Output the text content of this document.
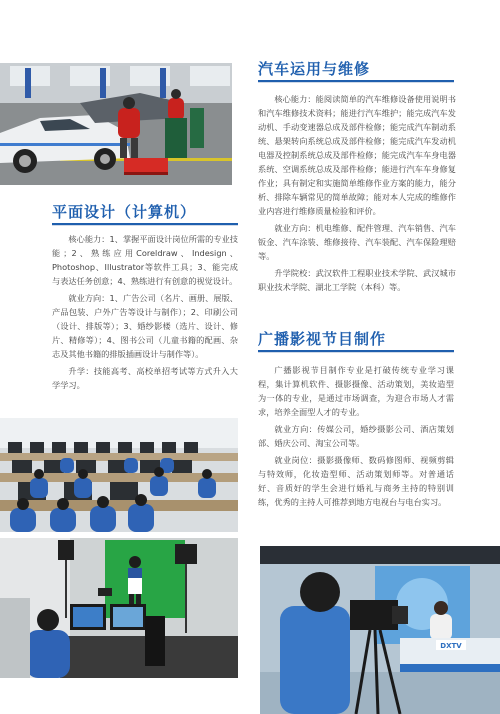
汽车运用与维修

核心能力：能阅读简单的汽车维修设备使用说明书和汽车维修技术资料；能进行汽车维护；能完成汽车发动机、手动变速器总成及部件检修；能完成汽车制动系统、悬架转向系统总成及部件检修；能完成汽车发动机电器及控制系统总成及部件检修；能完成汽车车身电器系统、空调系统总成及部件检修；能进行汽车车身修复作业；具有制定和实施简单维修作业方案的能力，能分析、排除车辆常见的简单故障；能对本人完成的维修作业内容进行维修质量检验和评价。

就业方向：机电维修、配件管理、汽车销售、汽车钣金、汽车涂装、维修接待、汽车装配、汽车保险理赔等。

升学院校：武汉软件工程职业技术学院、武汉城市职业技术学院、湖北工学院（本科）等。

平面设计（计算机）

核心能力：1、掌握平面设计岗位所需的专业技能；2、熟练应用Coreldraw、Indesign、Photoshop、Illustrator等软件工具；3、能完成与表达任务创意；4、熟练进行有创意的视觉设计。

就业方向：1、广告公司（名片、画册、展版、产品包装、户外广告等设计与制作）；2、印刷公司（设计、排版等）；3、婚纱影楼（选片、设计、修片、精修等）；4、图书公司（儿童书籍的配画、杂志及其他书籍的排版插画设计与制作等）。

升学：技能高考、高校单招考试等方式升入大学学习。

广播影视节目制作

广播影视节目制作专业是打破传统专业学习课程，集计算机软件、摄影摄像、活动策划，美妆造型为一体的专业，是通过市场调查，为迎合市场人才需求，培养全面型人才的专业。

就业方向：传媒公司，婚纱摄影公司、酒店策划部、婚庆公司、淘宝公司等。

就业岗位：摄影摄像师、数码修图师、视频剪辑与特效师，化妆造型师、活动策划师等。对普通话好、音质好的学生会进行婚礼与商务主持的特别训练，优秀的主持人可推荐到地方电视台与电台实习。

DXTV
